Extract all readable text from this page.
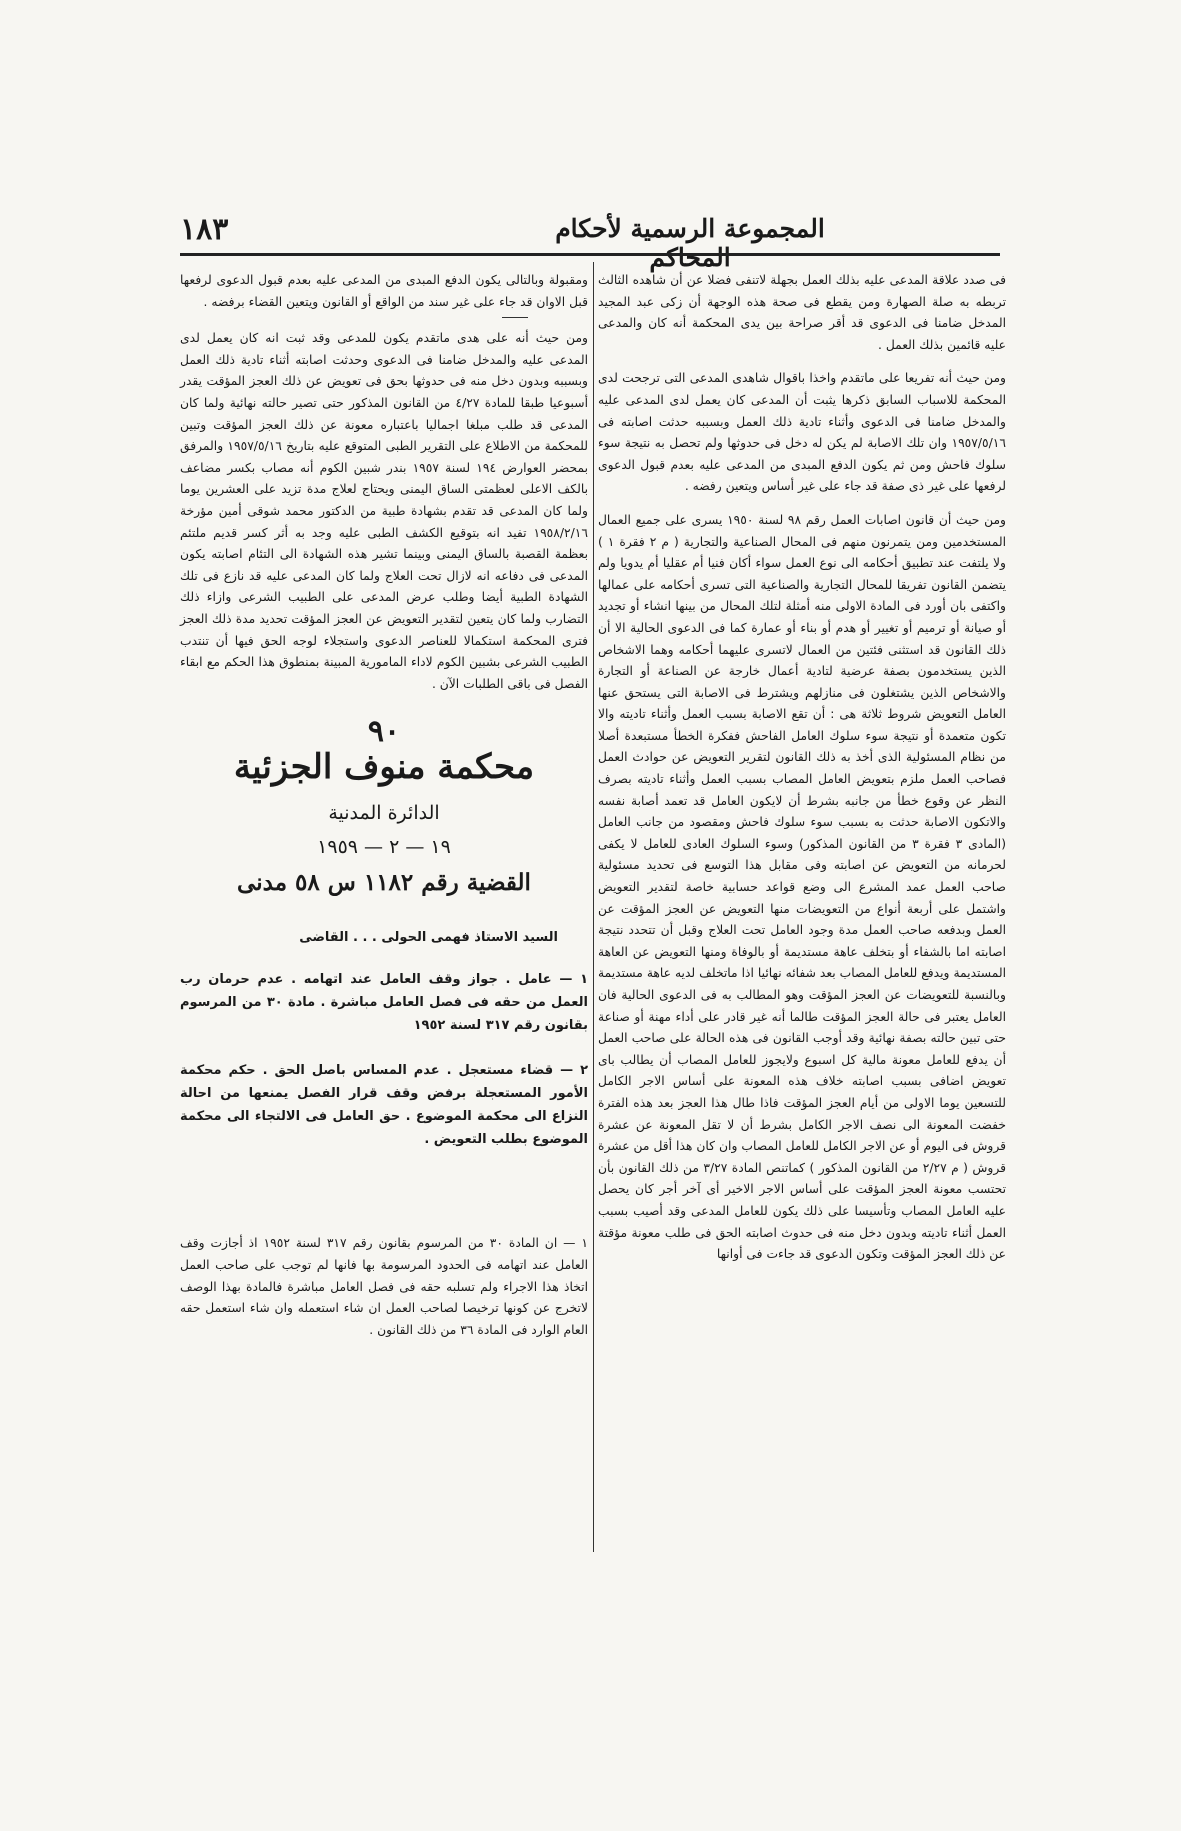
١٨٣	المجموعة الرسمية لأحكام المحاكم

فى صدد علاقة المدعى عليه بذلك العمل بجهلة لاتنفى فضلا عن أن شاهده الثالث تربطه به صلة الصهارة ومن يقطع فى صحة هذه الوجهة أن زكى عبد المجيد المدخل ضامنا فى الدعوى قد أقر صراحة بين يدى المحكمة أنه كان والمدعى عليه قائمين بذلك العمل .

ومن حيث أنه تفريعا على ماتقدم واخذا باقوال شاهدى المدعى التى ترجحت لدى المحكمة للاسباب السابق ذكرها يثبت أن المدعى كان يعمل لدى المدعى عليه والمدخل ضامنا فى الدعوى وأثناء تادية ذلك العمل وبسببه حدثت اصابته فى ١٩٥٧/٥/١٦ وان تلك الاصابة لم يكن له دخل فى حدوثها ولم تحصل به نتيجة سوء سلوك فاحش ومن ثم يكون الدفع المبدى من المدعى عليه بعدم قبول الدعوى لرفعها على غير ذى صفة قد جاء على غير أساس ويتعين رفضه .

ومن حيث أن قانون اصابات العمل رقم ٩٨ لسنة ١٩٥٠ يسرى على جميع العمال المستخدمين ومن يتمرنون منهم فى المحال الصناعية والتجارية ( م ٢ فقرة ١ ) ولا يلتفت عند تطبيق أحكامه الى نوع العمل سواء أكان فنيا أم عقليا أم يدويا ولم يتضمن القانون تفريقا للمحال التجارية والصناعية التى تسرى أحكامه على عمالها واكتفى بان أورد فى المادة الاولى منه أمثلة لتلك المحال من بينها انشاء أو تجديد أو صيانة أو ترميم أو تغيير أو هدم أو بناء أو عمارة كما فى الدعوى الحالية الا أن ذلك القانون قد استثنى فئتين من العمال لاتسرى عليهما أحكامه وهما الاشخاص الذين يستخدمون بصفة عرضية لتادية أعمال خارجة عن الصناعة أو التجارة والاشخاص الذين يشتغلون فى منازلهم ويشترط فى الاصابة التى يستحق عنها العامل التعويض شروط ثلاثة هى : أن تقع الاصابة بسبب العمل وأثناء تاديته والا تكون متعمدة أو نتيجة سوء سلوك العامل الفاحش ففكرة الخطأ مستبعدة أصلا من نظام المسئولية الذى أخذ به ذلك القانون لتقرير التعويض عن حوادث العمل فصاحب العمل ملزم بتعويض العامل المصاب بسبب العمل وأثناء تاديته بصرف النظر عن وقوع خطأ من جانبه بشرط أن لايكون العامل قد تعمد أصابة نفسه والاتكون الاصابة حدثت به بسبب سوء سلوك فاحش ومقصود من جانب العامل (المادى ٣ فقرة ٣ من القانون المذكور) وسوء السلوك العادى للعامل لا يكفى لحرمانه من التعويض عن اصابته وفى مقابل هذا التوسع فى تحديد مسئولية صاحب العمل عمد المشرع الى وضع قواعد حسابية خاصة لتقدير التعويض واشتمل على أربعة أنواع من التعويضات منها التعويض عن العجز المؤقت عن العمل وبدفعه صاحب العمل مدة وجود العامل تحت العلاج وقبل أن تتحدد نتيجة اصابته اما بالشفاء أو بتخلف عاهة مستديمة أو بالوفاة ومنها التعويض عن العاهة المستديمة ويدفع للعامل المصاب بعد شفائه نهائيا اذا ماتخلف لديه عاهة مستديمة وبالنسبة للتعويضات عن العجز المؤقت وهو المطالب به فى الدعوى الحالية فان العامل يعتبر فى حالة العجز المؤقت طالما أنه غير قادر على أداء مهنة أو صناعة حتى تبين حالته بصفة نهائية وقد أوجب القانون فى هذه الحالة على صاحب العمل أن يدفع للعامل معونة مالية كل اسبوع ولايجوز للعامل المصاب أن يطالب باى تعويض اضافى بسبب اصابته خلاف هذه المعونة على أساس الاجر الكامل للتسعين يوما الاولى من أيام العجز المؤقت فاذا طال هذا العجز بعد هذه الفترة خفضت المعونة الى نصف الاجر الكامل بشرط أن لا تقل المعونة عن عشرة قروش فى اليوم أو عن الاجر الكامل للعامل المصاب وان كان هذا أقل من عشرة قروش ( م ٢/٢٧ من القانون المذكور ) كماتنص المادة ٣/٢٧ من ذلك القانون بأن تحتسب معونة العجز المؤقت على أساس الاجر الاخير أى آخر أجر كان يحصل عليه العامل المصاب وتأسيسا على ذلك يكون للعامل المدعى وقد أصيب بسبب العمل أثناء تاديته وبدون دخل منه فى حدوث اصابته الحق فى طلب معونة مؤقتة عن ذلك العجز المؤقت وتكون الدعوى قد جاءت فى أوانها

ومقبولة وبالتالى يكون الدفع المبدى من المدعى عليه بعدم قبول الدعوى لرفعها قبل الاوان قد جاء على غير سند من الواقع أو القانون ويتعين القضاء برفضه .

ومن حيث أنه على هدى ماتقدم يكون للمدعى وقد ثبت انه كان يعمل لدى المدعى عليه والمدخل ضامنا فى الدعوى وحدثت اصابته أثناء تادية ذلك العمل وبسببه وبدون دخل منه فى حدوثها بحق فى تعويض عن ذلك العجز المؤقت يقدر أسبوعيا طبقا للمادة ٤/٢٧ من القانون المذكور حتى تصير حالته نهائية ولما كان المدعى قد طلب مبلغا اجماليا باعتباره معونة عن ذلك العجز المؤقت وتبين للمحكمة من الاطلاع على التقرير الطبى المتوقع عليه بتاريخ ١٩٥٧/٥/١٦ والمرفق بمحضر العوارض ١٩٤ لسنة ١٩٥٧ بندر شبين الكوم أنه مصاب بكسر مضاعف بالكف الاعلى لعظمتى الساق اليمنى ويحتاج لعلاج مدة تزيد على العشرين يوما ولما كان المدعى قد تقدم بشهادة طبية من الدكتور محمد شوقى أمين مؤرخة ١٩٥٨/٢/١٦ تفيد انه بتوقيع الكشف الطبى عليه وجد به أثر كسر قديم ملتئم بعظمة القصبة بالساق اليمنى وبينما تشير هذه الشهادة الى التئام اصابته يكون المدعى فى دفاعه انه لازال تحت العلاج ولما كان المدعى عليه قد نازع فى تلك الشهادة الطبية أيضا وطلب عرض المدعى على الطبيب الشرعى وازاء ذلك التضارب ولما كان يتعين لتقدير التعويض عن العجز المؤقت تحديد مدة ذلك العجز فترى المحكمة استكمالا للعناصر الدعوى واستجلاء لوجه الحق فيها أن تنتدب الطبيب الشرعى بشبين الكوم لاداء المامورية المبينة بمنطوق هذا الحكم مع ابقاء الفصل فى باقى الطلبات الآن .

٩٠
محكمة منوف الجزئية
الدائرة المدنية
١٩ — ٢ — ١٩٥٩
القضية رقم ١١٨٢ س ٥٨ مدنى
السيد الاستاذ فهمى الحولى . . . القاضى
١ — عامل . جواز وقف العامل عند اتهامه . عدم حرمان رب العمل من حقه فى فصل العامل مباشرة . مادة ٣٠ من المرسوم بقانون رقم ٣١٧ لسنة ١٩٥٢
٢ — قضاء مستعجل . عدم المساس باصل الحق . حكم محكمة الأمور المستعجلة برفض وقف قرار الفصل يمنعها من احالة النزاع الى محكمة الموضوع . حق العامل فى الالتجاء الى محكمة الموضوع بطلب التعويض .

١ — ان المادة ٣٠ من المرسوم بقانون رقم ٣١٧ لسنة ١٩٥٢ اذ أجازت وقف العامل عند اتهامه فى الحدود المرسومة بها فانها لم توجب على صاحب العمل اتخاذ هذا الاجراء ولم تسلبه حقه فى فصل العامل مباشرة فالمادة بهذا الوصف لاتخرج عن كونها ترخيصا لصاحب العمل ان شاء استعمله وان شاء استعمل حقه العام الوارد فى المادة ٣٦ من ذلك القانون .
